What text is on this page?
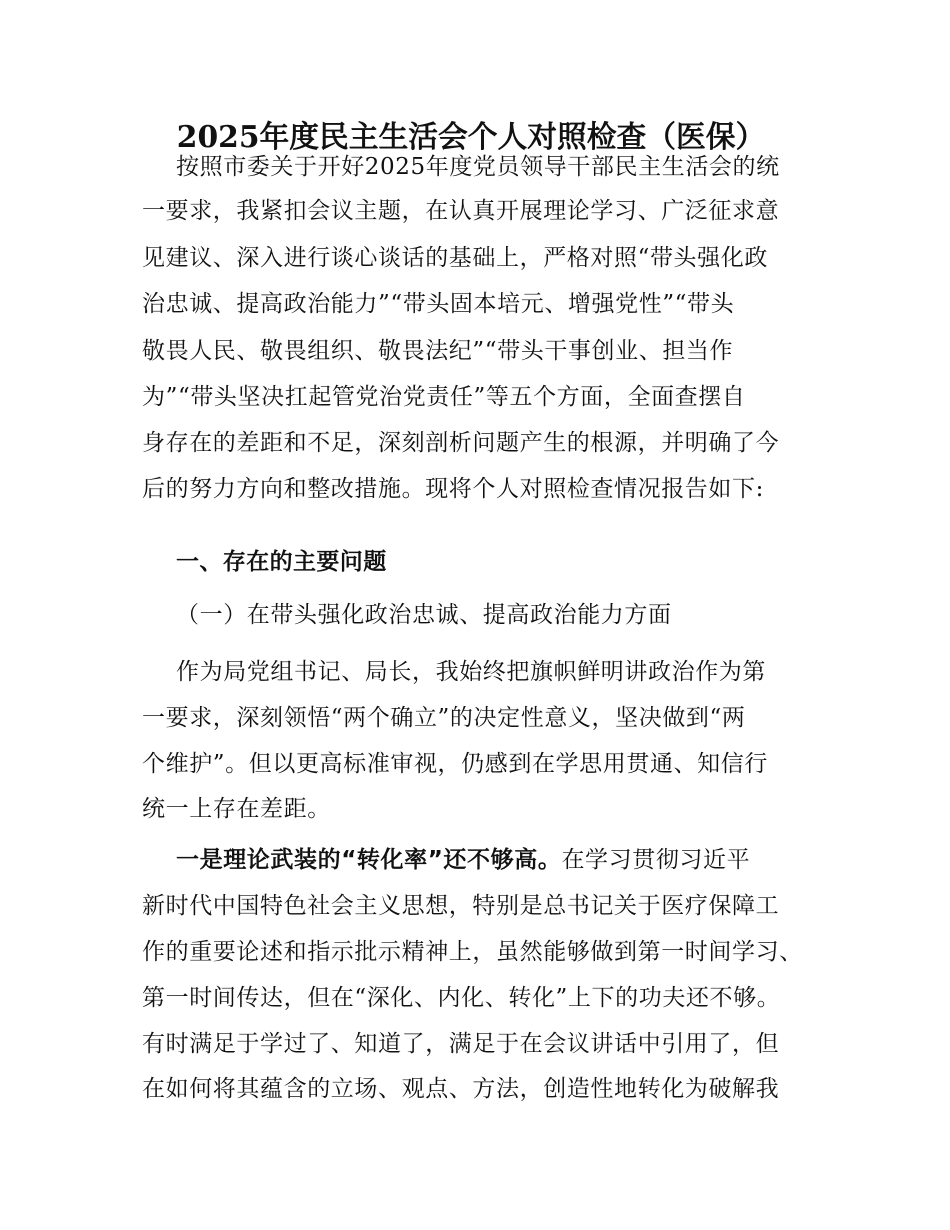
2025年度民主生活会个人对照检查（医保）
按照市委关于开好2025年度党员领导干部民主生活会的统
一要求，我紧扣会议主题，在认真开展理论学习、广泛征求意
见建议、深入进行谈心谈话的基础上，严格对照“带头强化政
治忠诚、提高政治能力”“带头固本培元、增强党性”“带头
敬畏人民、敬畏组织、敬畏法纪”“带头干事创业、担当作
为”“带头坚决扛起管党治党责任”等五个方面，全面查摆自
身存在的差距和不足，深刻剖析问题产生的根源，并明确了今
后的努力方向和整改措施。现将个人对照检查情况报告如下:
一、存在的主要问题
（一）在带头强化政治忠诚、提高政治能力方面
作为局党组书记、局长，我始终把旗帜鲜明讲政治作为第
一要求，深刻领悟“两个确立”的决定性意义，坚决做到“两
个维护”。但以更高标准审视，仍感到在学思用贯通、知信行
统一上存在差距。
一是理论武装的“转化率”还不够高。在学习贯彻习近平
新时代中国特色社会主义思想，特别是总书记关于医疗保障工
作的重要论述和指示批示精神上，虽然能够做到第一时间学习、
第一时间传达，但在“深化、内化、转化”上下的功夫还不够。
有时满足于学过了、知道了，满足于在会议讲话中引用了，但
在如何将其蕴含的立场、观点、方法，创造性地转化为破解我
